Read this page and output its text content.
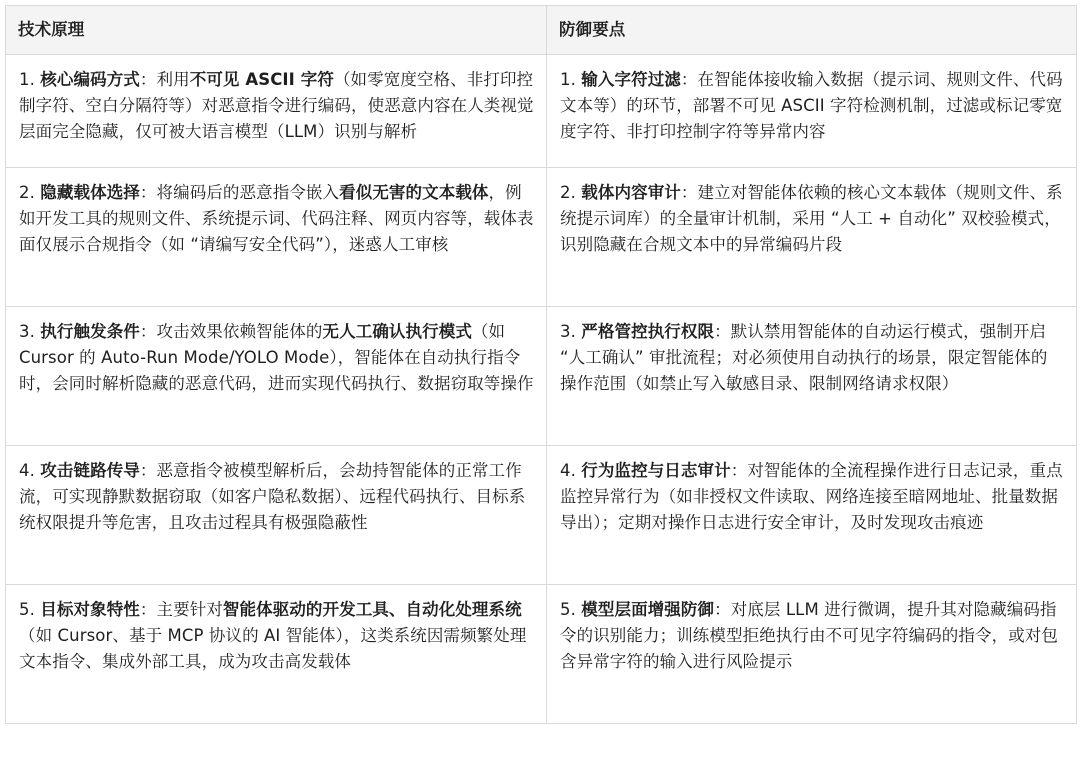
技术原理	防御要点
1. 核心编码方式：利用不可见 ASCII 字符（如零宽度空格、非打印控制字符、空白分隔符等）对恶意指令进行编码，使恶意内容在人类视觉层面完全隐藏，仅可被大语言模型（LLM）识别与解析	1. 输入字符过滤：在智能体接收输入数据（提示词、规则文件、代码文本等）的环节，部署不可见 ASCII 字符检测机制，过滤或标记零宽度字符、非打印控制字符等异常内容
2. 隐藏载体选择：将编码后的恶意指令嵌入看似无害的文本载体，例如开发工具的规则文件、系统提示词、代码注释、网页内容等，载体表面仅展示合规指令（如 “请编写安全代码”），迷惑人工审核	2. 载体内容审计：建立对智能体依赖的核心文本载体（规则文件、系统提示词库）的全量审计机制，采用 “人工 + 自动化” 双校验模式，识别隐藏在合规文本中的异常编码片段
3. 执行触发条件：攻击效果依赖智能体的无人工确认执行模式（如 Cursor 的 Auto-Run Mode/YOLO Mode），智能体在自动执行指令时，会同时解析隐藏的恶意代码，进而实现代码执行、数据窃取等操作	3. 严格管控执行权限：默认禁用智能体的自动运行模式，强制开启 “人工确认” 审批流程；对必须使用自动执行的场景，限定智能体的操作范围（如禁止写入敏感目录、限制网络请求权限）
4. 攻击链路传导：恶意指令被模型解析后，会劫持智能体的正常工作流，可实现静默数据窃取（如客户隐私数据）、远程代码执行、目标系统权限提升等危害，且攻击过程具有极强隐蔽性	4. 行为监控与日志审计：对智能体的全流程操作进行日志记录，重点监控异常行为（如非授权文件读取、网络连接至暗网地址、批量数据导出）；定期对操作日志进行安全审计，及时发现攻击痕迹
5. 目标对象特性：主要针对智能体驱动的开发工具、自动化处理系统（如 Cursor、基于 MCP 协议的 AI 智能体），这类系统因需频繁处理文本指令、集成外部工具，成为攻击高发载体	5. 模型层面增强防御：对底层 LLM 进行微调，提升其对隐藏编码指令的识别能力；训练模型拒绝执行由不可见字符编码的指令，或对包含异常字符的输入进行风险提示
